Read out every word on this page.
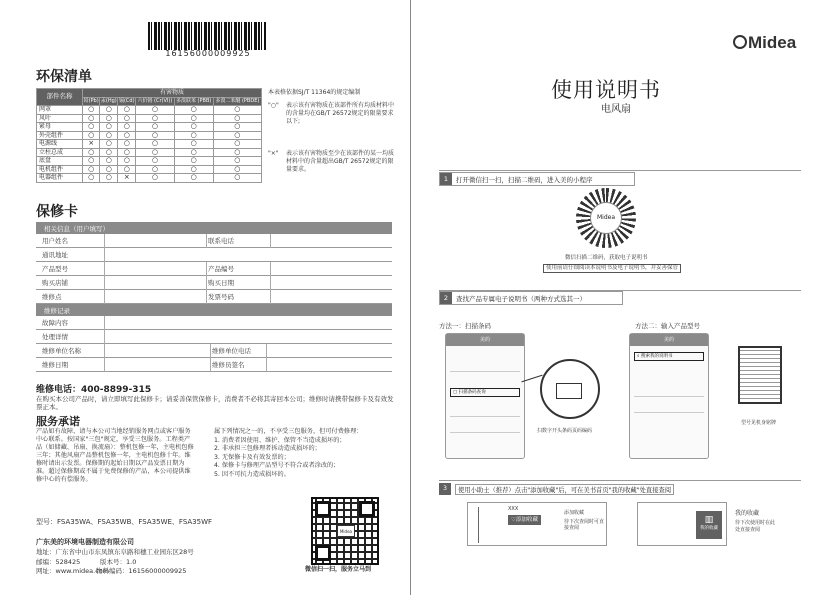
16156000009925
环保清单
部件名称	有害物质					
	铅(Pb)	汞(Hg)	镉(Cd)	六价铬 (Cr(VI))	多溴联苯 (PBB)	多溴二苯醚 (PBDE)
网罩	○	○	○	○	○	○
风叶	○	○	○	○	○	○
紧母	○	○	○	○	○	○
外壳组件	○	○	○	○	○	○
电源线	×	○	○	○	○	○
立柱总成	○	○	○	○	○	○
底盘	○	○	○	○	○	○
电机组件	○	○	○	○	○	○
电器组件	○	○	×	○	○	○
本表格依据SJ/T 11364的规定编制
"○" 表示该有害物质在该部件所有均质材料中的含量均在GB/T 26572规定的限量要求以下;
"×" 表示该有害物质至少在该部件的某一均质材料中的含量超出GB/T 26572规定的限量要求。
保修卡
相关信息（用户填写）
用户姓名	联系电话
通讯地址
产品型号	产品编号
购买店铺	购买日期
维修点	发票号码
维修记录
故障内容
处理详情
维修单位名称	维修单位电话
维修日期	维修员签名
维修电话：400-8899-315
在购买本公司产品时，请立即填写此保修卡；请妥善保管保修卡，消费者不必将其寄回本公司；维修时请携带保修卡及有效发票正本。
服务承诺
产品如有故障，请与本公司当地经销服务网点或客户服务中心联系。按国家"三包"规定，享受三包服务。工程类产品（如储藏、吊扇、换流扇）：整机包修一年，主电机包修三年；其他风扇产品整机包修一年，主电机包修十年。维修时请出示发票。保修期的起始日期以产品发票日期为准。超过保修期或不属于免费保修的产品，本公司提供维修中心的有偿服务。
属下列情况之一的，不享受三包服务，但可付费修理：
1. 消费者因使用、维护、保管不当造成损坏的；
2. 非承担三包修理者拆动造成损坏的；
3. 无保修卡及有效发票的；
4. 保修卡与修理产品型号不符合或者涂改的；
5. 因不可抗力造成损坏的。
型号：FSA35WA、FSA35WB、FSA35WE、FSA35WF
广东美的环境电器制造有限公司
地址：广东省中山市东凤镇东阜路和穗工业园东区28号
邮编：528425	版本号：1.0
网址：www.midea.com
物料编码：16156000009925
Midea
微信扫一扫，服务立马到
Midea
使用说明书
电风扇
1	打开微信扫一扫，扫描二维码，进入美的小程序
Midea
微信扫描二维码，获取电子说明书
使用前请仔细阅读本说明书及电子说明书，并妥善保管
2	查找产品专属电子说明书（两种方式选其一）
方法一：扫描条码	方法二：输入产品型号
美的
▢ 扫描条码查询
扫数字开头条码页码编码
美的
⌕ 搜索我的说明书
型号见机身铭牌
3	使用小助士（推荐）点击"添加收藏"后，可在美书首页"我的收藏"处直接查阅
XXX
♡添加收藏
添加收藏
待下次查阅时可直接查阅
▥
我的收藏
我的收藏
待下次使用时在此处直接查阅
